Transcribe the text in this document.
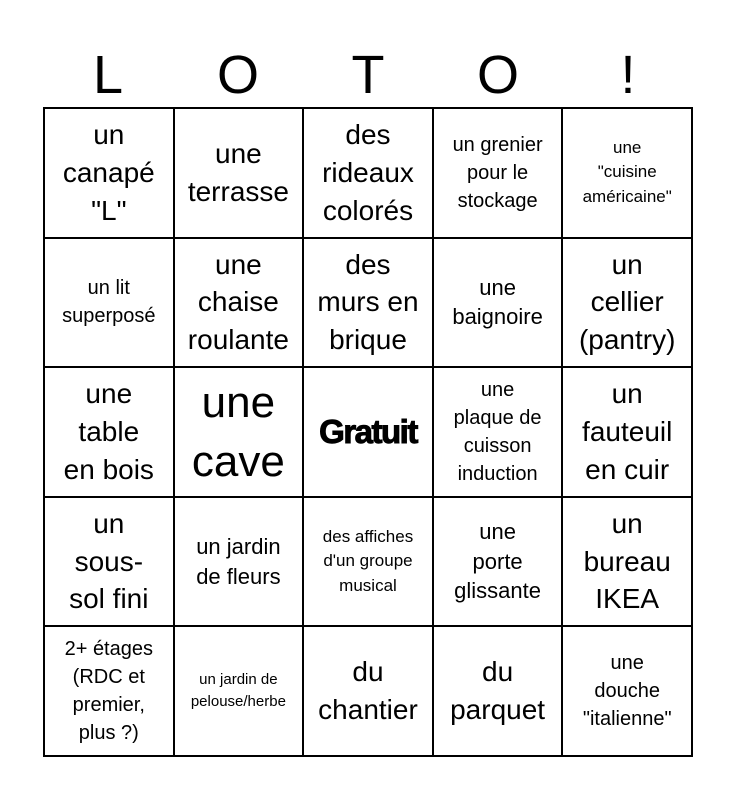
L	O	T	O	!
un
canapé
"L"
une
terrasse
des
rideaux
colorés
un grenier
pour le
stockage
une
"cuisine
américaine"
un lit
superposé
une
chaise
roulante
des
murs en
brique
une
baignoire
un
cellier
(pantry)
une
table
en bois
une
cave
Gratuit
une
plaque de
cuisson
induction
un
fauteuil
en cuir
un
sous-
sol fini
un jardin
de fleurs
des affiches
d'un groupe
musical
une
porte
glissante
un
bureau
IKEA
2+ étages
(RDC et
premier,
plus ?)
un jardin de
pelouse/herbe
du
chantier
du
parquet
une
douche
"italienne"
